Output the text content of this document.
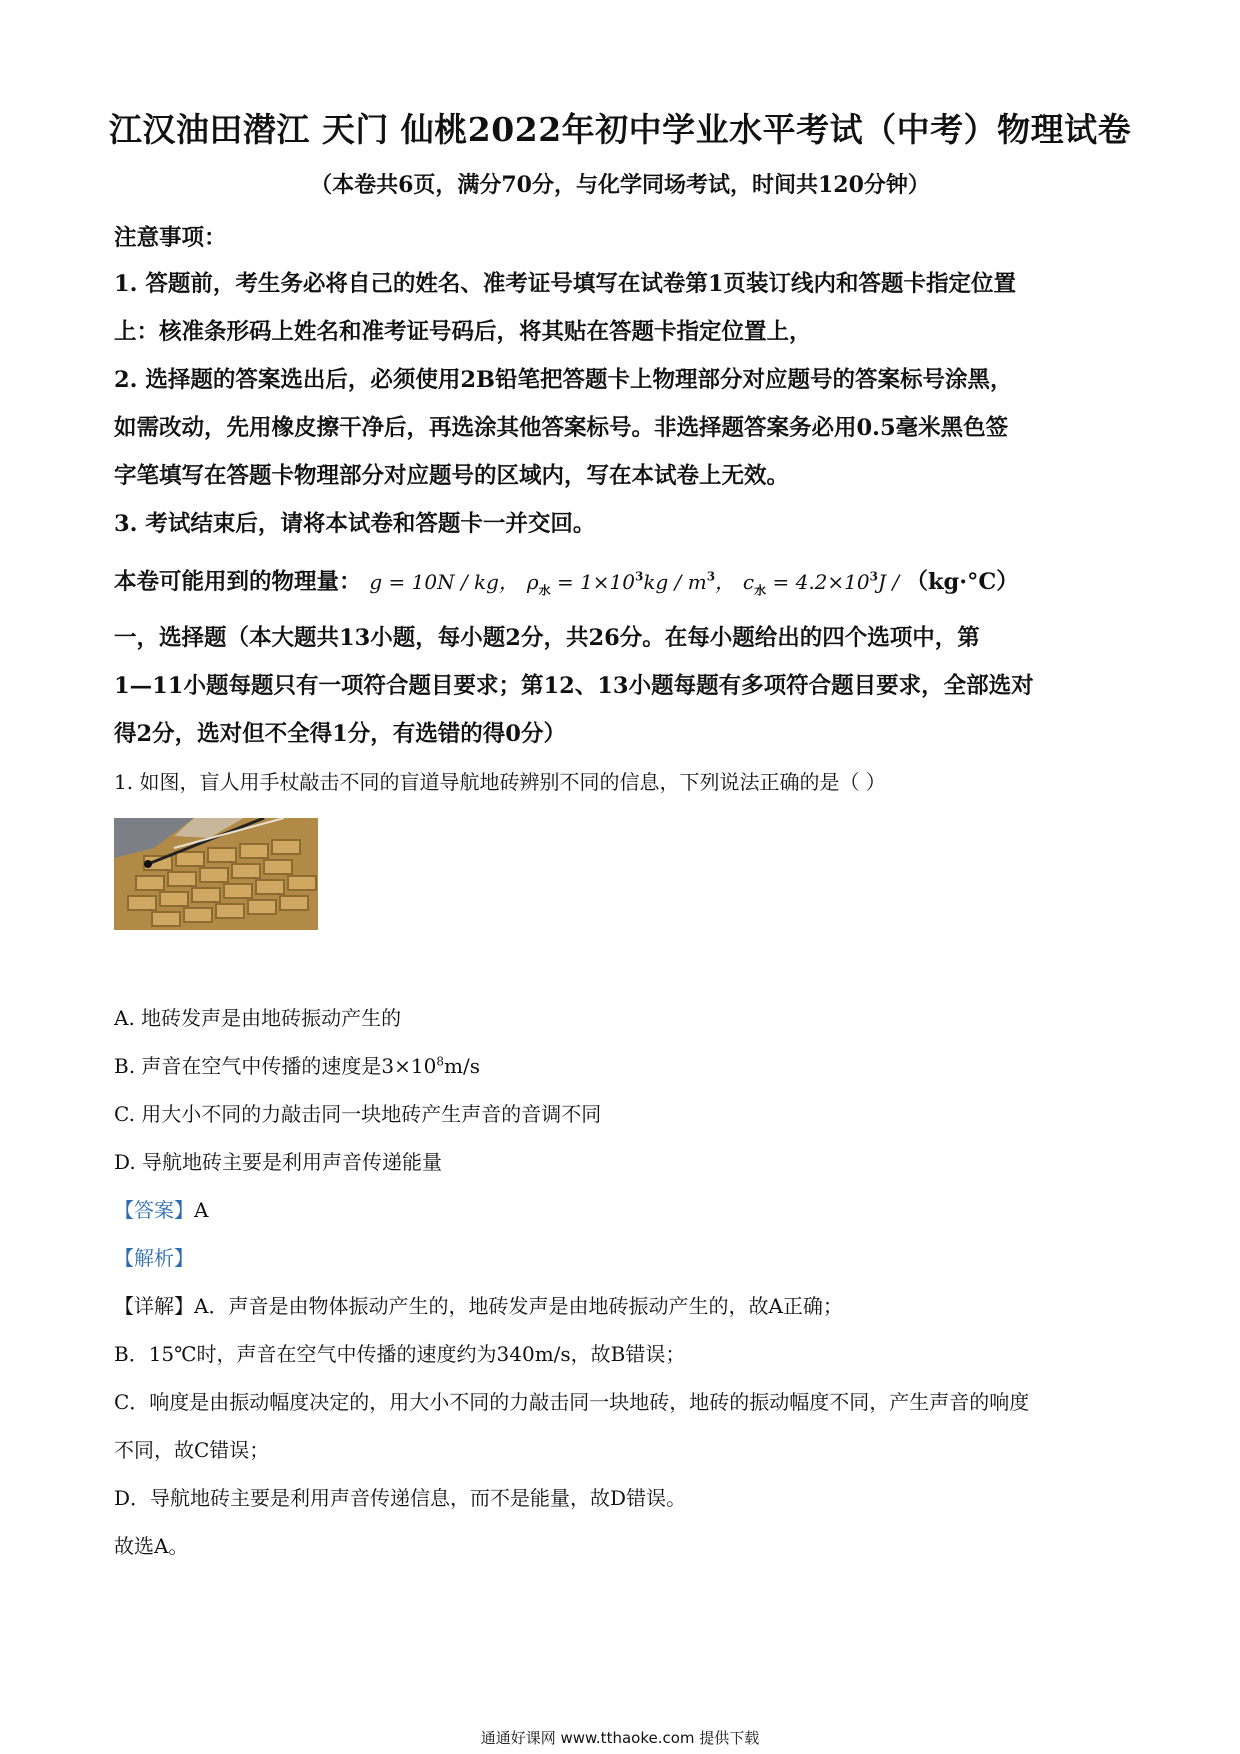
江汉油田潜江 天门 仙桃2022年初中学业水平考试（中考）物理试卷
（本卷共6页，满分70分，与化学同场考试，时间共120分钟）
注意事项：
1. 答题前，考生务必将自己的姓名、准考证号填写在试卷第1页装订线内和答题卡指定位置
上：核准条形码上姓名和准考证号码后，将其贴在答题卡指定位置上，
2. 选择题的答案选出后，必须使用2B铅笔把答题卡上物理部分对应题号的答案标号涂黑，
如需改动，先用橡皮擦干净后，再选涂其他答案标号。非选择题答案务必用0.5毫米黑色签
字笔填写在答题卡物理部分对应题号的区域内，写在本试卷上无效。
3. 考试结束后，请将本试卷和答题卡一并交回。
本卷可能用到的物理量： g = 10N / kg， $\rho_水 = 1\times 10^3kg / m^3$， $c_水 = 4.2\times 10^3J / (kg\cdot^\circ C)$
一，选择题（本大题共13小题，每小题2分，共26分。在每小题给出的四个选项中，第
1—11小题每题只有一项符合题目要求；第12、13小题每题有多项符合题目要求，全部选对
得2分，选对但不全得1分，有选错的得0分）
1. 如图，盲人用手杖敲击不同的盲道导航地砖辨别不同的信息，下列说法正确的是（ ）
A. 地砖发声是由地砖振动产生的
B. 声音在空气中传播的速度是$3\times 10^8m/s$
C. 用大小不同的力敲击同一块地砖产生声音的音调不同
D. 导航地砖主要是利用声音传递能量
【答案】A
【解析】
【详解】A．声音是由物体振动产生的，地砖发声是由地砖振动产生的，故A正确；
B．15℃时，声音在空气中传播的速度约为340m/s，故B错误；
C．响度是由振动幅度决定的，用大小不同的力敲击同一块地砖，地砖的振动幅度不同，产生声音的响度
不同，故C错误；
D．导航地砖主要是利用声音传递信息，而不是能量，故D错误。
故选A。
通通好课网 www.tthaoke.com 提供下载
